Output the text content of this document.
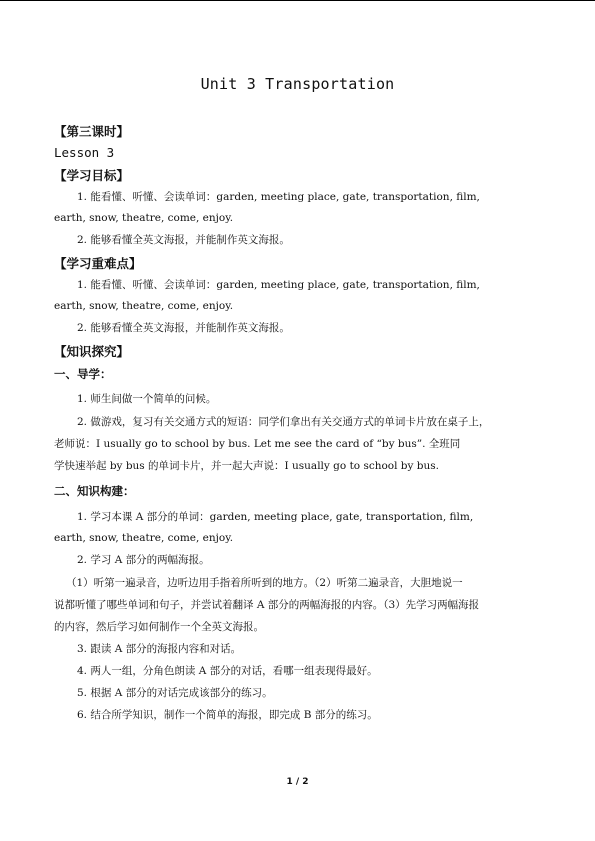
Unit 3 Transportation
【第三课时】
Lesson 3
【学习目标】
1. 能看懂、听懂、会读单词：garden, meeting place, gate, transportation, film,
earth, snow, theatre, come, enjoy.
2. 能够看懂全英文海报，并能制作英文海报。
【学习重难点】
1. 能看懂、听懂、会读单词：garden, meeting place, gate, transportation, film,
earth, snow, theatre, come, enjoy.
2. 能够看懂全英文海报，并能制作英文海报。
【知识探究】
一、导学：
1. 师生间做一个简单的问候。
2. 做游戏，复习有关交通方式的短语：同学们拿出有关交通方式的单词卡片放在桌子上，
老师说：I usually go to school by bus. Let me see the card of “by bus”. 全班同
学快速举起 by bus 的单词卡片，并一起大声说：I usually go to school by bus.
二、知识构建：
1. 学习本课 A 部分的单词：garden, meeting place, gate, transportation, film,
earth, snow, theatre, come, enjoy.
2. 学习 A 部分的两幅海报。
（1）听第一遍录音，边听边用手指着所听到的地方。（2）听第二遍录音，大胆地说一
说都听懂了哪些单词和句子，并尝试着翻译 A 部分的两幅海报的内容。（3）先学习两幅海报
的内容，然后学习如何制作一个全英文海报。
3. 跟读 A 部分的海报内容和对话。
4. 两人一组，分角色朗读 A 部分的对话，看哪一组表现得最好。
5. 根据 A 部分的对话完成该部分的练习。
6. 结合所学知识，制作一个简单的海报，即完成 B 部分的练习。
1 / 2
